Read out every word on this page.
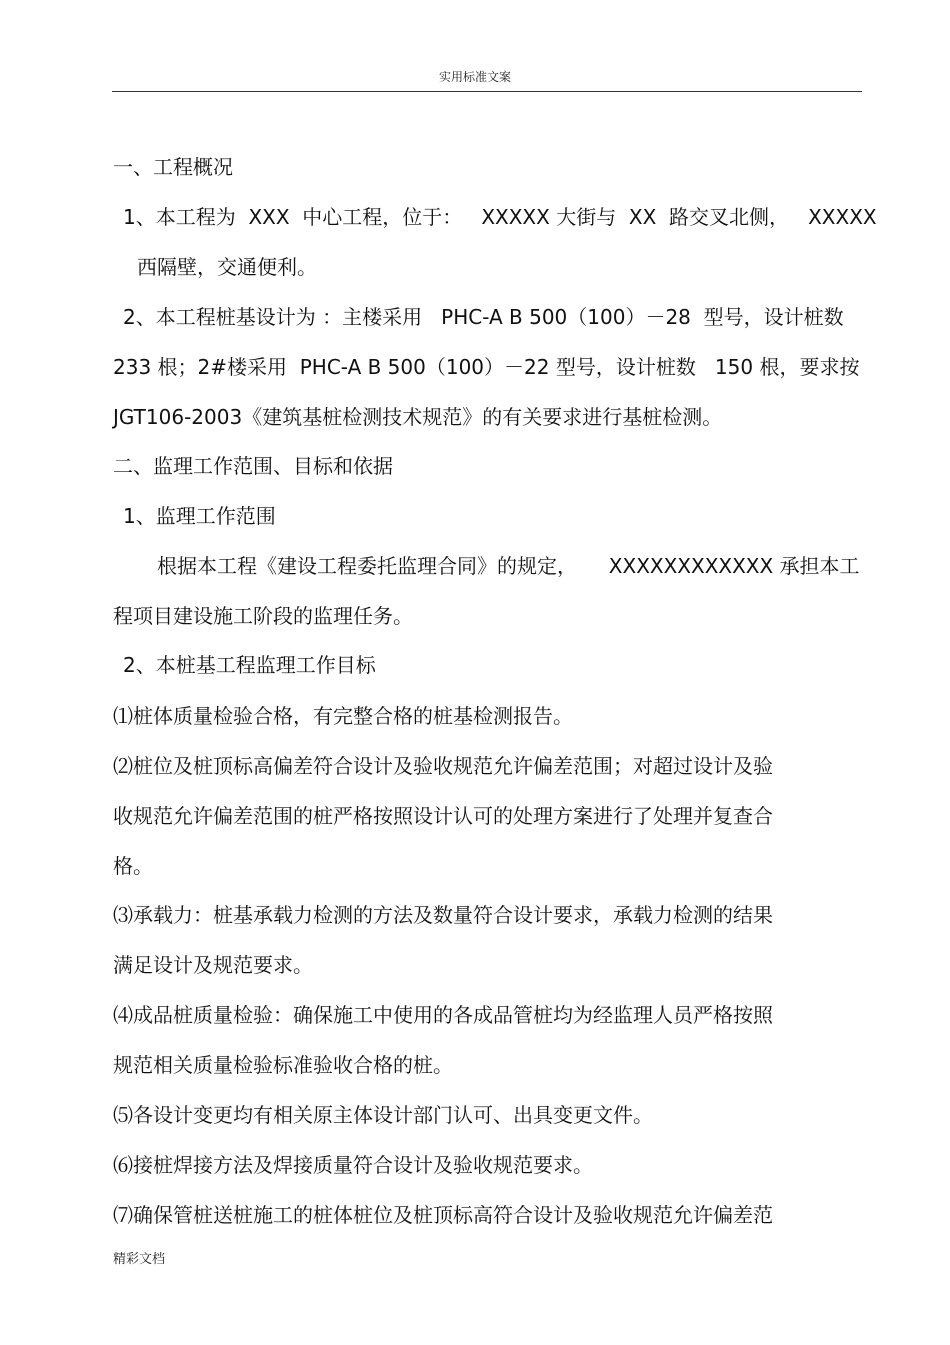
实用标准文案
一、工程概况
1、本工程为  XXX  中心工程，位于：   XXXXX 大街与  XX  路交叉北侧，   XXXXX
西隔壁，交通便利。
2、本工程桩基设计为 ：主楼采用   PHC-A B 500（100）－28  型号，设计桩数
233 根；2#楼采用  PHC-A B 500（100）－22 型号，设计桩数   150 根，要求按
JGT106-2003《建筑基桩检测技术规范》的有关要求进行基桩检测。
二、监理工作范围、目标和依据
1、监理工作范围
根据本工程《建设工程委托监理合同》的规定，     XXXXXXXXXXXX 承担本工
程项目建设施工阶段的监理任务。
2、本桩基工程监理工作目标
⑴桩体质量检验合格，有完整合格的桩基检测报告。
⑵桩位及桩顶标高偏差符合设计及验收规范允许偏差范围；对超过设计及验
收规范允许偏差范围的桩严格按照设计认可的处理方案进行了处理并复查合
格。
⑶承载力：桩基承载力检测的方法及数量符合设计要求，承载力检测的结果
满足设计及规范要求。
⑷成品桩质量检验：确保施工中使用的各成品管桩均为经监理人员严格按照
规范相关质量检验标准验收合格的桩。
⑸各设计变更均有相关原主体设计部门认可、出具变更文件。
⑹接桩焊接方法及焊接质量符合设计及验收规范要求。
⑺确保管桩送桩施工的桩体桩位及桩顶标高符合设计及验收规范允许偏差范
精彩文档
